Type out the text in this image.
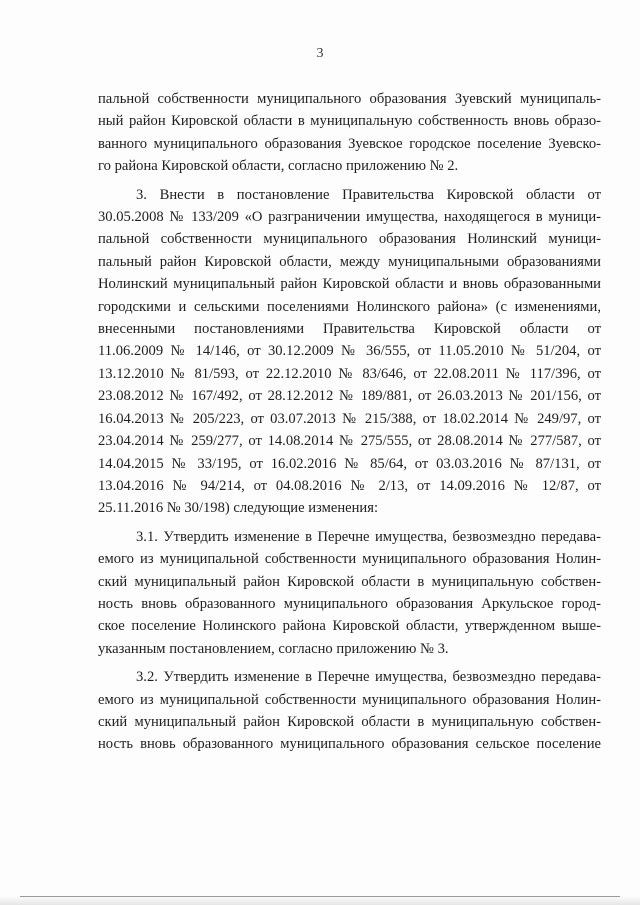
3
пальной собственности муниципального образования Зуевский муниципаль-
ный район Кировской области в муниципальную собственность вновь образо-
ванного муниципального образования Зуевское городское поселение Зуевско-
го района Кировской области, согласно приложению № 2.
3. Внести в постановление Правительства Кировской области от
30.05.2008 № 133/209 «О разграничении имущества, находящегося в муници-
пальной собственности муниципального образования Нолинский муници-
пальный район Кировской области, между муниципальными образованиями
Нолинский муниципальный район Кировской области и вновь образованными
городскими и сельскими поселениями Нолинского района» (с изменениями,
внесенными постановлениями Правительства Кировской области от
11.06.2009 № 14/146, от 30.12.2009 № 36/555, от 11.05.2010 № 51/204, от
13.12.2010 № 81/593, от 22.12.2010 № 83/646, от 22.08.2011 № 117/396, от
23.08.2012 № 167/492, от 28.12.2012 № 189/881, от 26.03.2013 № 201/156, от
16.04.2013 № 205/223, от 03.07.2013 № 215/388, от 18.02.2014 № 249/97, от
23.04.2014 № 259/277, от 14.08.2014 № 275/555, от 28.08.2014 № 277/587, от
14.04.2015 № 33/195, от 16.02.2016 № 85/64, от 03.03.2016 № 87/131, от
13.04.2016 № 94/214, от 04.08.2016 № 2/13, от 14.09.2016 № 12/87, от
25.11.2016 № 30/198) следующие изменения:
3.1. Утвердить изменение в Перечне имущества, безвозмездно передава-
емого из муниципальной собственности муниципального образования Нолин-
ский муниципальный район Кировской области в муниципальную собствен-
ность вновь образованного муниципального образования Аркульское город-
ское поселение Нолинского района Кировской области, утвержденном выше-
указанным постановлением, согласно приложению № 3.
3.2. Утвердить изменение в Перечне имущества, безвозмездно передава-
емого из муниципальной собственности муниципального образования Нолин-
ский муниципальный район Кировской области в муниципальную собствен-
ность вновь образованного муниципального образования сельское поселение
